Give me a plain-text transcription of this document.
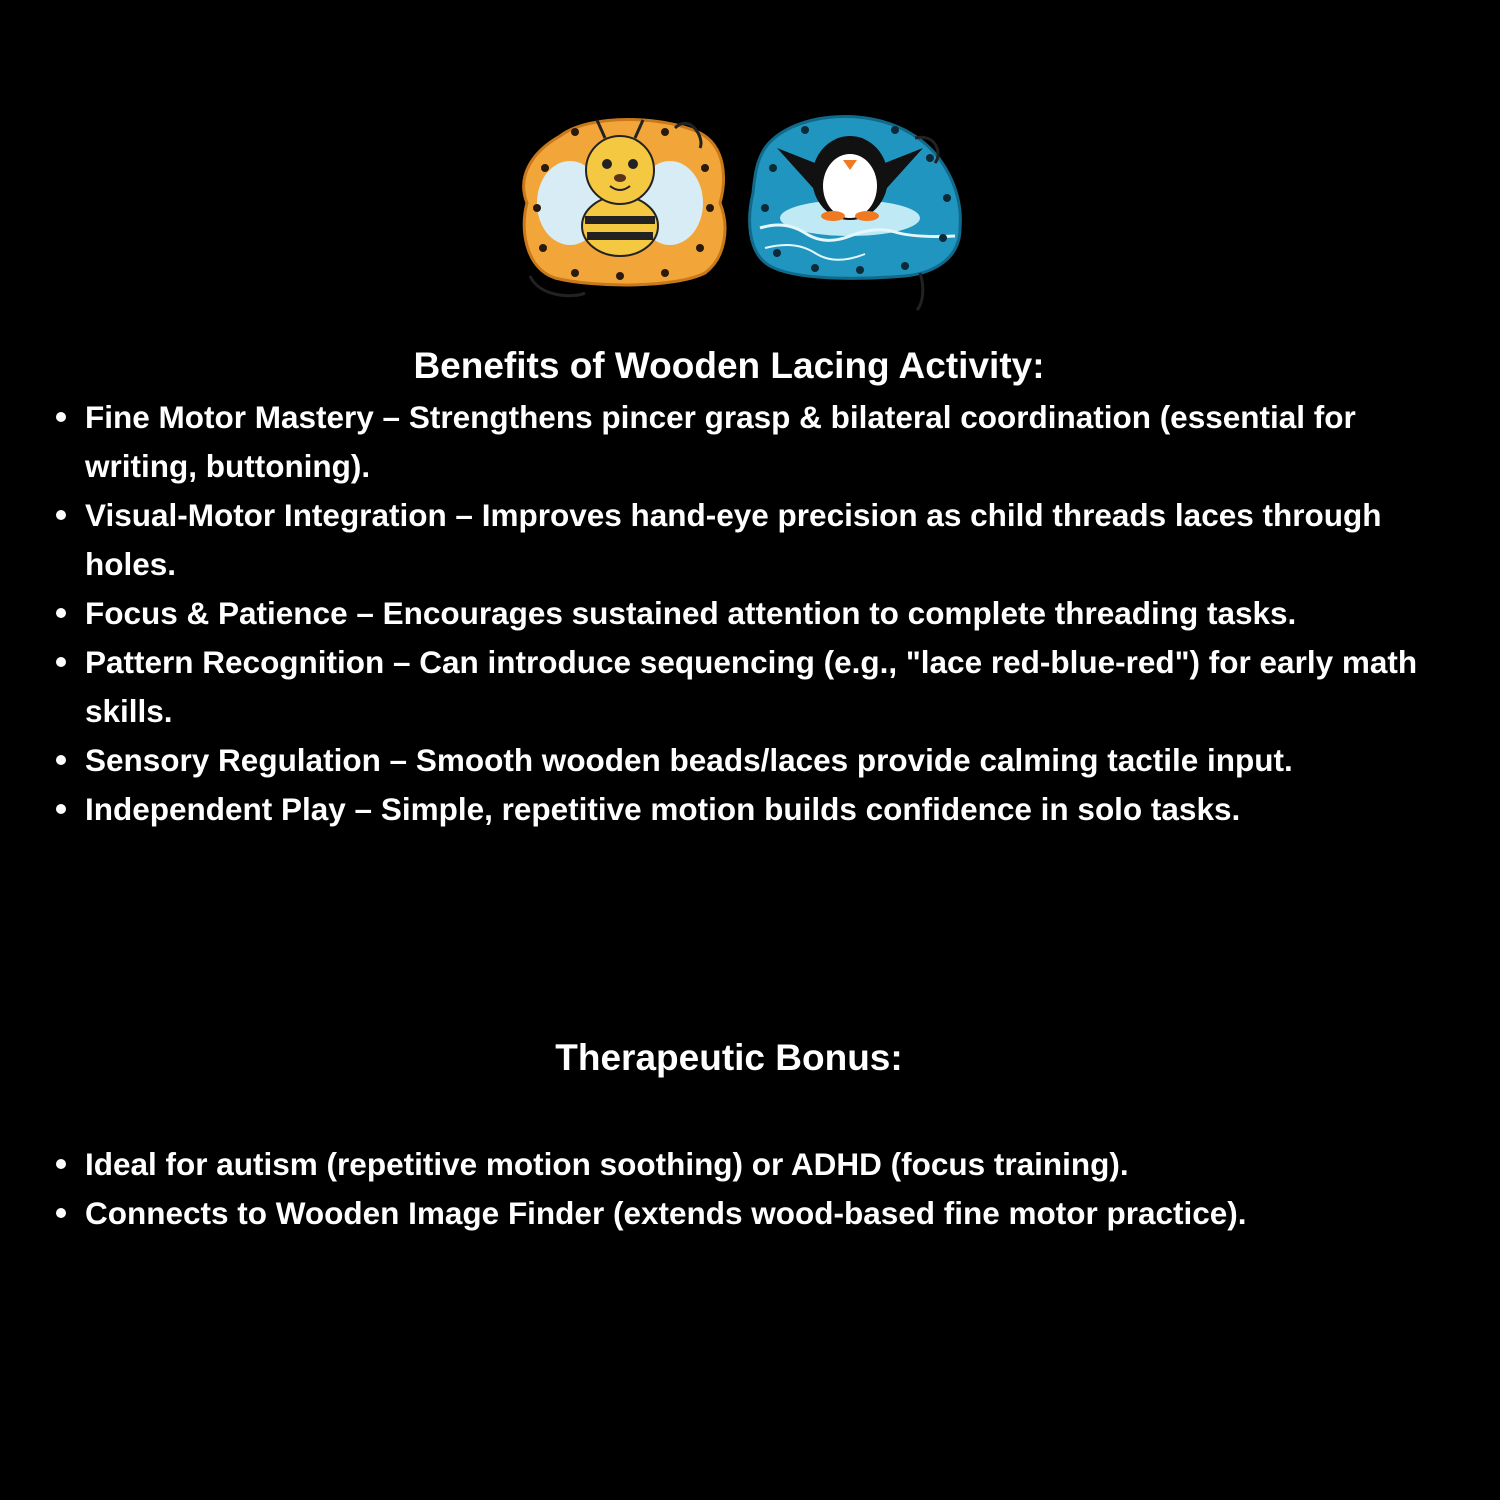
Benefits of Wooden Lacing Activity:
Fine Motor Mastery – Strengthens pincer grasp & bilateral coordination (essential for writing, buttoning).
Visual-Motor Integration – Improves hand-eye precision as child threads laces through holes.
Focus & Patience – Encourages sustained attention to complete threading tasks.
Pattern Recognition – Can introduce sequencing (e.g., "lace red-blue-red") for early math skills.
Sensory Regulation – Smooth wooden beads/laces provide calming tactile input.
Independent Play – Simple, repetitive motion builds confidence in solo tasks.
Therapeutic Bonus:
Ideal for autism (repetitive motion soothing) or ADHD (focus training).
Connects to Wooden Image Finder (extends wood-based fine motor practice).
